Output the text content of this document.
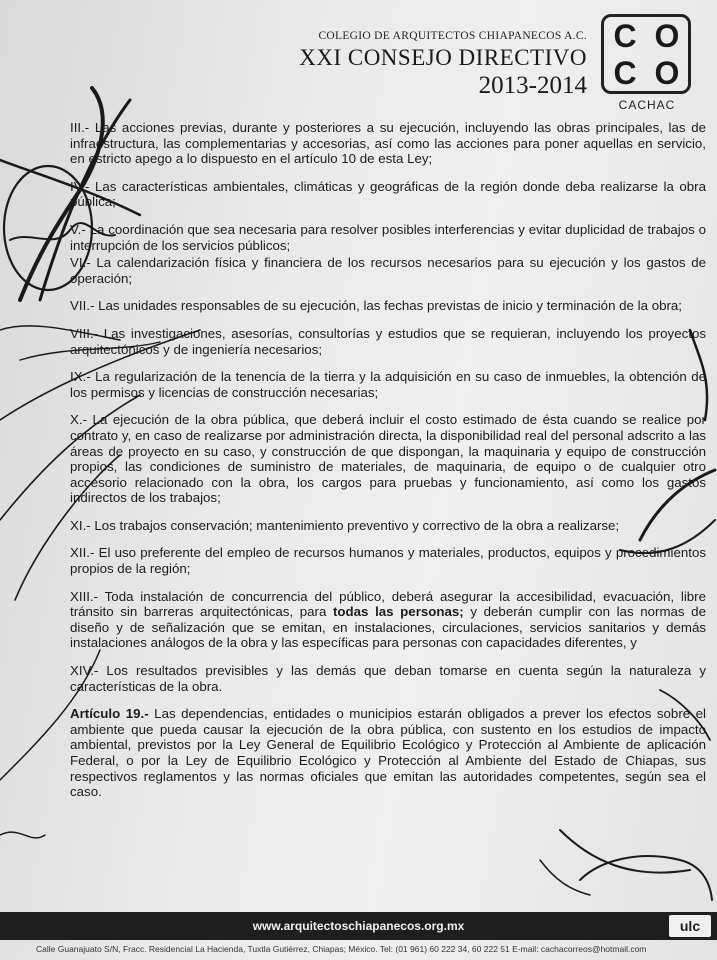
COLEGIO DE ARQUITECTOS CHIAPANECOS A.C.
XXI CONSEJO DIRECTIVO
2013-2014
C O
C O
CACHAC

III.- Las acciones previas, durante y posteriores a su ejecución, incluyendo las obras principales, las de infraestructura, las complementarias y accesorias, así como las acciones para poner aquellas en servicio, en estricto apego a lo dispuesto en el artículo 10 de esta Ley;

IV.- Las características ambientales, climáticas y geográficas de la región donde deba realizarse la obra pública;

V.- La coordinación que sea necesaria para resolver posibles interferencias y evitar duplicidad de trabajos o interrupción de los servicios públicos;

VI.- La calendarización física y financiera de los recursos necesarios para su ejecución y los gastos de operación;

VII.- Las unidades responsables de su ejecución, las fechas previstas de inicio y terminación de la obra;

VIII.- Las investigaciones, asesorías, consultorías y estudios que se requieran, incluyendo los proyectos arquitectónicos y de ingeniería necesarios;

IX.- La regularización de la tenencia de la tierra y la adquisición en su caso de inmuebles, la obtención de los permisos y licencias de construcción necesarias;

X.- La ejecución de la obra pública, que deberá incluir el costo estimado de ésta cuando se realice por contrato y, en caso de realizarse por administración directa, la disponibilidad real del personal adscrito a las áreas de proyecto en su caso, y construcción de que dispongan, la maquinaria y equipo de construcción propios, las condiciones de suministro de materiales, de maquinaria, de equipo o de cualquier otro accesorio relacionado con la obra, los cargos para pruebas y funcionamiento, así como los gastos indirectos de los trabajos;

XI.- Los trabajos conservación; mantenimiento preventivo y correctivo de la obra a realizarse;

XII.- El uso preferente del empleo de recursos humanos y materiales, productos, equipos y procedimientos propios de la región;

XIII.- Toda instalación de concurrencia del público, deberá asegurar la accesibilidad, evacuación, libre tránsito sin barreras arquitectónicas, para todas las personas; y deberán cumplir con las normas de diseño y de señalización que se emitan, en instalaciones, circulaciones, servicios sanitarios y demás instalaciones análogos de la obra y las específicas para personas con capacidades diferentes, y

XIV.- Los resultados previsibles y las demás que deban tomarse en cuenta según la naturaleza y características de la obra.

Artículo 19.- Las dependencias, entidades o municipios estarán obligados a prever los efectos sobre el ambiente que pueda causar la ejecución de la obra pública, con sustento en los estudios de impacto ambiental, previstos por la Ley General de Equilibrio Ecológico y Protección al Ambiente de aplicación Federal, o por la Ley de Equilibrio Ecológico y Protección al Ambiente del Estado de Chiapas, sus respectivos reglamentos y las normas oficiales que emitan las autoridades competentes, según sea el caso.

www.arquitectoschiapanecos.org.mx	ulc
Calle Guanajuato S/N, Fracc. Residencial La Hacienda, Tuxtla Gutiérrez, Chiapas; México. Tel: (01 961) 60 222 34, 60 222 51 E-mail: cachacorreos@hotmail.com
